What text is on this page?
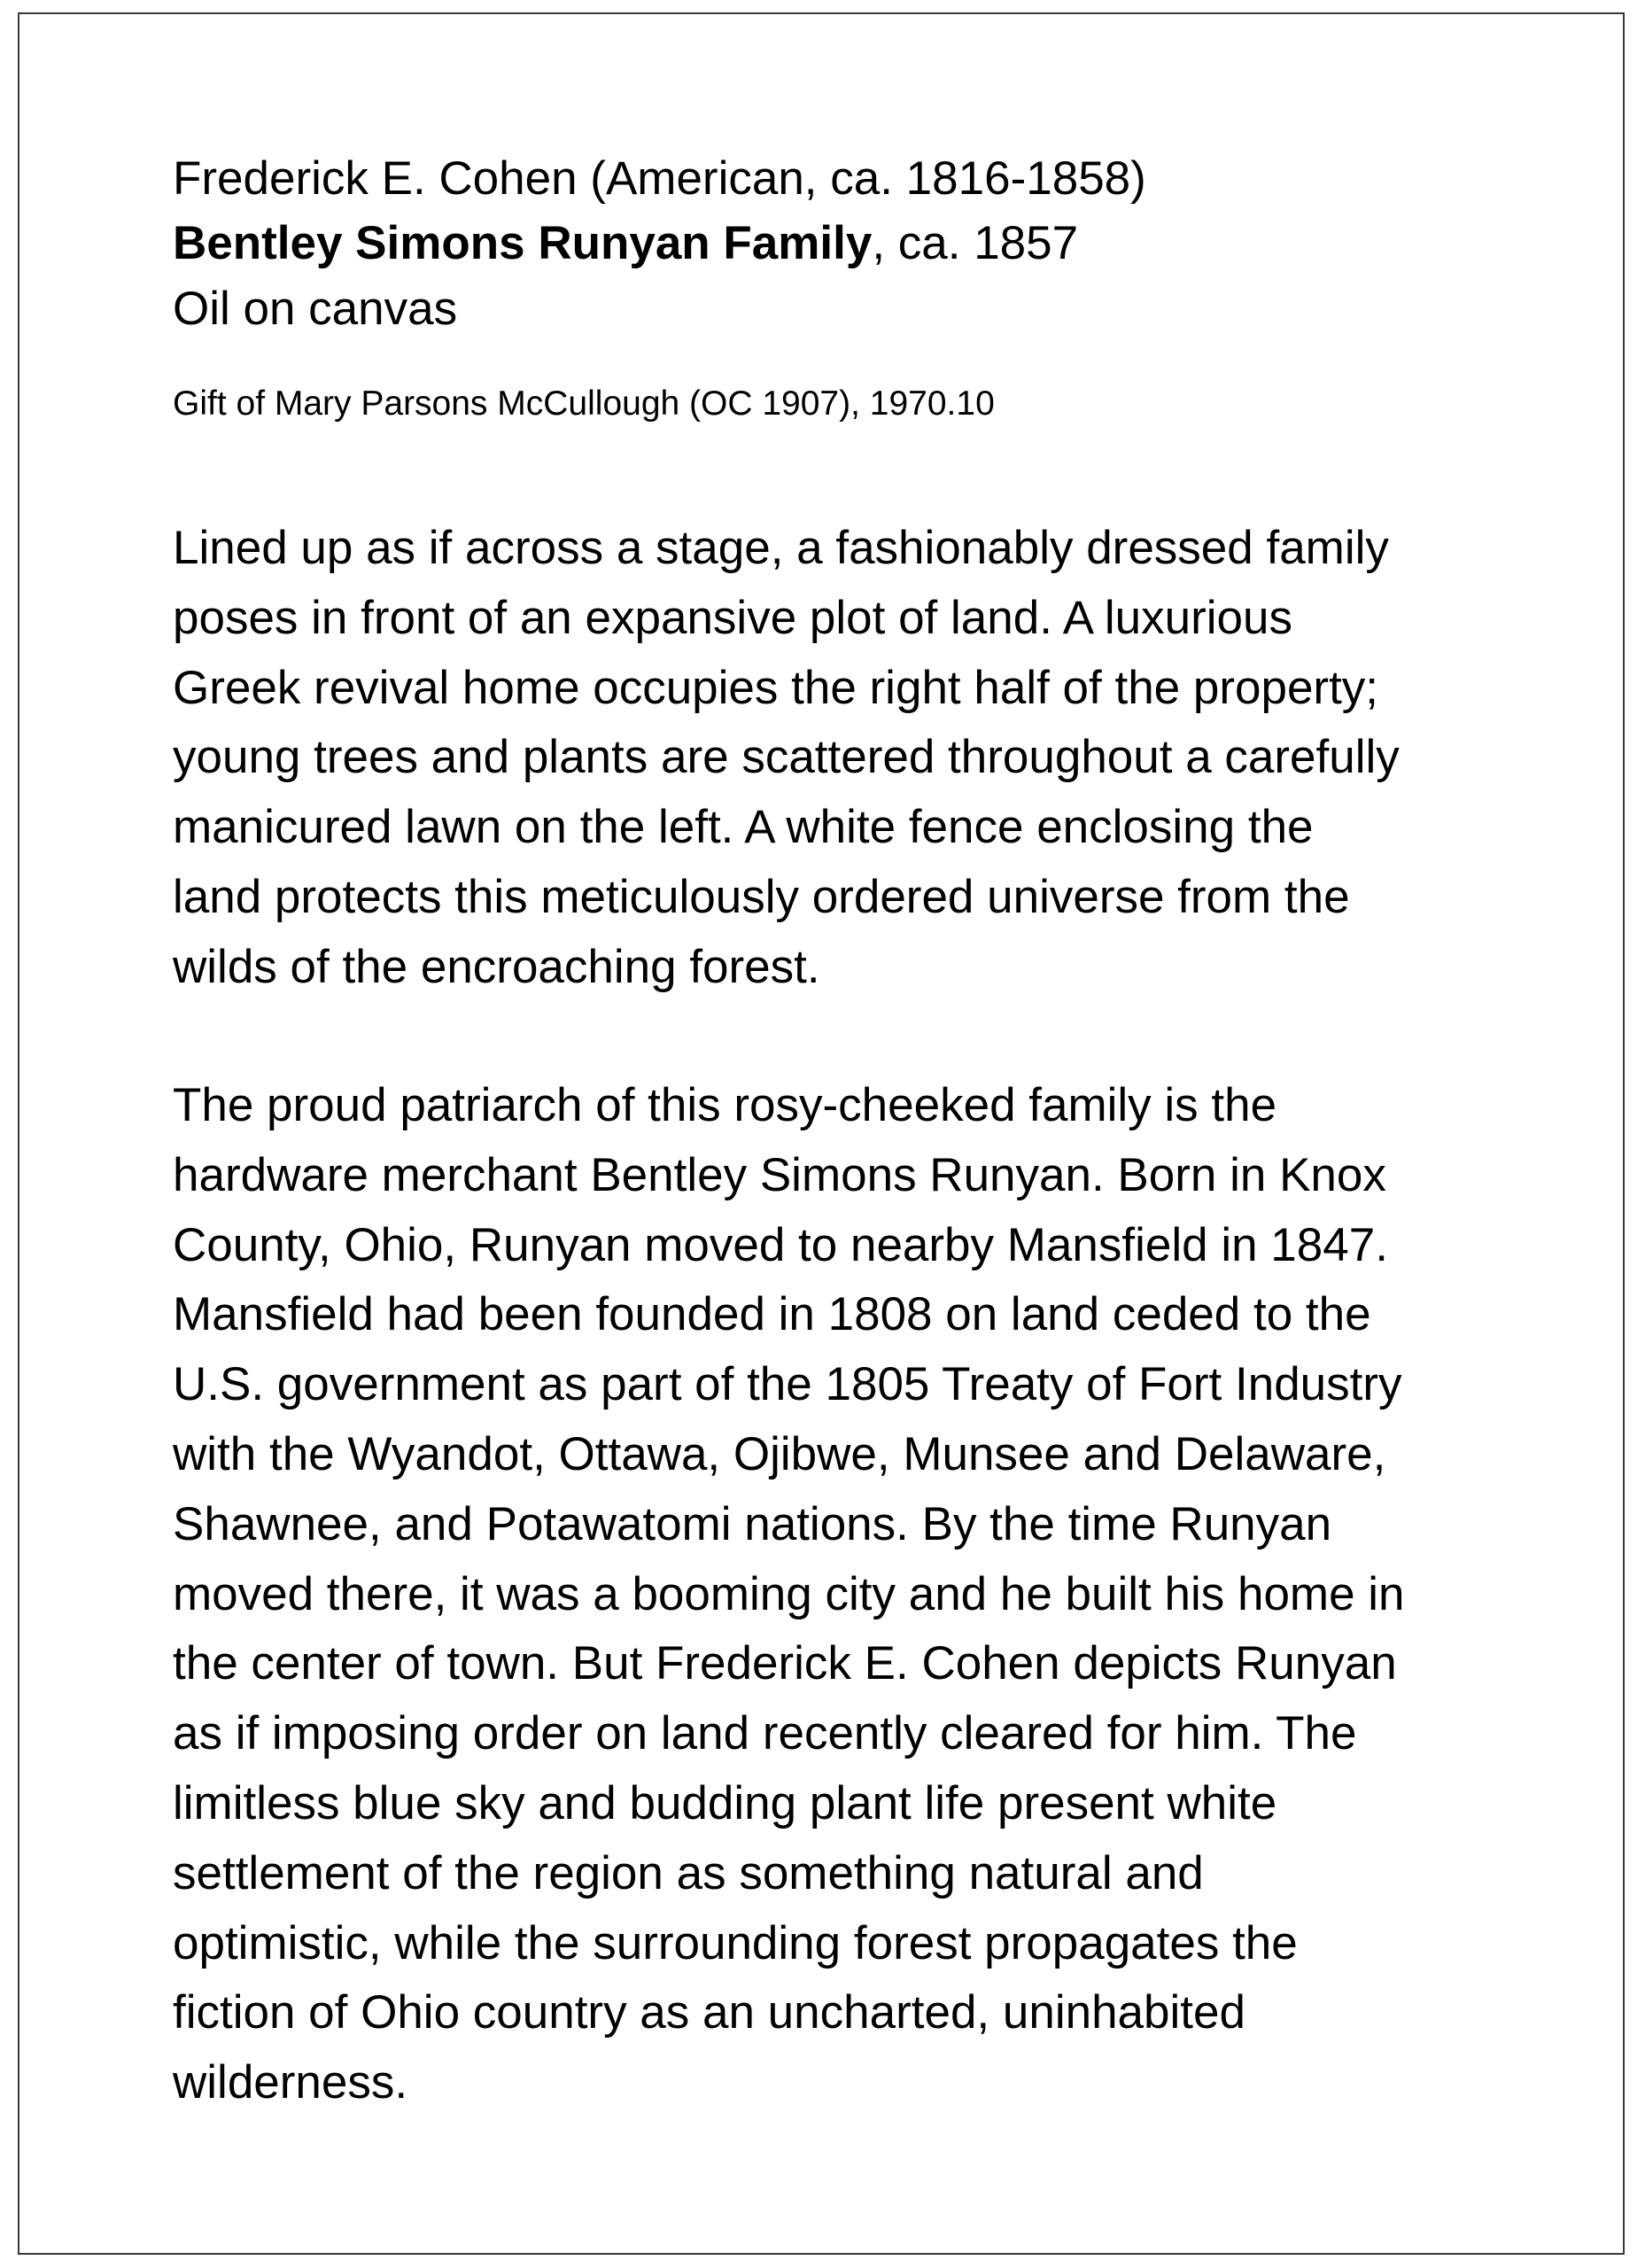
Frederick E. Cohen (American, ca. 1816-1858)

Bentley Simons Runyan Family, ca. 1857

Oil on canvas

Gift of Mary Parsons McCullough (OC 1907), 1970.10

Lined up as if across a stage, a fashionably dressed family
poses in front of an expansive plot of land. A luxurious
Greek revival home occupies the right half of the property;
young trees and plants are scattered throughout a carefully
manicured lawn on the left. A white fence enclosing the
land protects this meticulously ordered universe from the
wilds of the encroaching forest.
The proud patriarch of this rosy-cheeked family is the
hardware merchant Bentley Simons Runyan. Born in Knox
County, Ohio, Runyan moved to nearby Mansfield in 1847.
Mansfield had been founded in 1808 on land ceded to the
U.S. government as part of the 1805 Treaty of Fort Industry
with the Wyandot, Ottawa, Ojibwe, Munsee and Delaware,
Shawnee, and Potawatomi nations. By the time Runyan
moved there, it was a booming city and he built his home in
the center of town. But Frederick E. Cohen depicts Runyan
as if imposing order on land recently cleared for him. The
limitless blue sky and budding plant life present white
settlement of the region as something natural and
optimistic, while the surrounding forest propagates the
fiction of Ohio country as an uncharted, uninhabited
wilderness.
